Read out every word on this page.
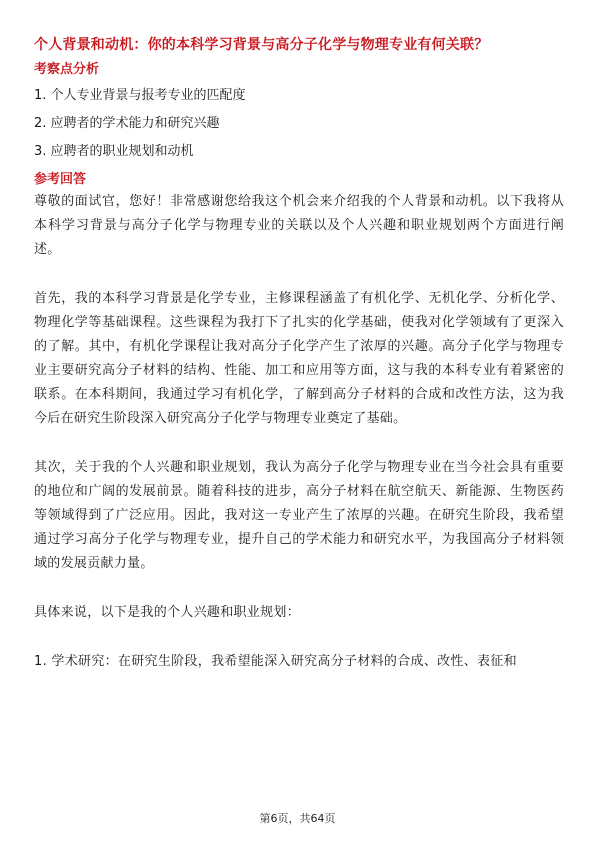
个人背景和动机：你的本科学习背景与高分子化学与物理专业有何关联？
考察点分析
1. 个人专业背景与报考专业的匹配度
2. 应聘者的学术能力和研究兴趣
3. 应聘者的职业规划和动机
参考回答

尊敬的面试官，您好！非常感谢您给我这个机会来介绍我的个人背景和动机。以下我将从本科学习背景与高分子化学与物理专业的关联以及个人兴趣和职业规划两个方面进行阐述。

首先，我的本科学习背景是化学专业，主修课程涵盖了有机化学、无机化学、分析化学、物理化学等基础课程。这些课程为我打下了扎实的化学基础，使我对化学领域有了更深入的了解。其中，有机化学课程让我对高分子化学产生了浓厚的兴趣。高分子化学与物理专业主要研究高分子材料的结构、性能、加工和应用等方面，这与我的本科专业有着紧密的联系。在本科期间，我通过学习有机化学，了解到高分子材料的合成和改性方法，这为我今后在研究生阶段深入研究高分子化学与物理专业奠定了基础。

其次，关于我的个人兴趣和职业规划，我认为高分子化学与物理专业在当今社会具有重要的地位和广阔的发展前景。随着科技的进步，高分子材料在航空航天、新能源、生物医药等领域得到了广泛应用。因此，我对这一专业产生了浓厚的兴趣。在研究生阶段，我希望通过学习高分子化学与物理专业，提升自己的学术能力和研究水平，为我国高分子材料领域的发展贡献力量。

具体来说，以下是我的个人兴趣和职业规划：

1. 学术研究：在研究生阶段，我希望能深入研究高分子材料的合成、改性、表征和

第6页，共64页
